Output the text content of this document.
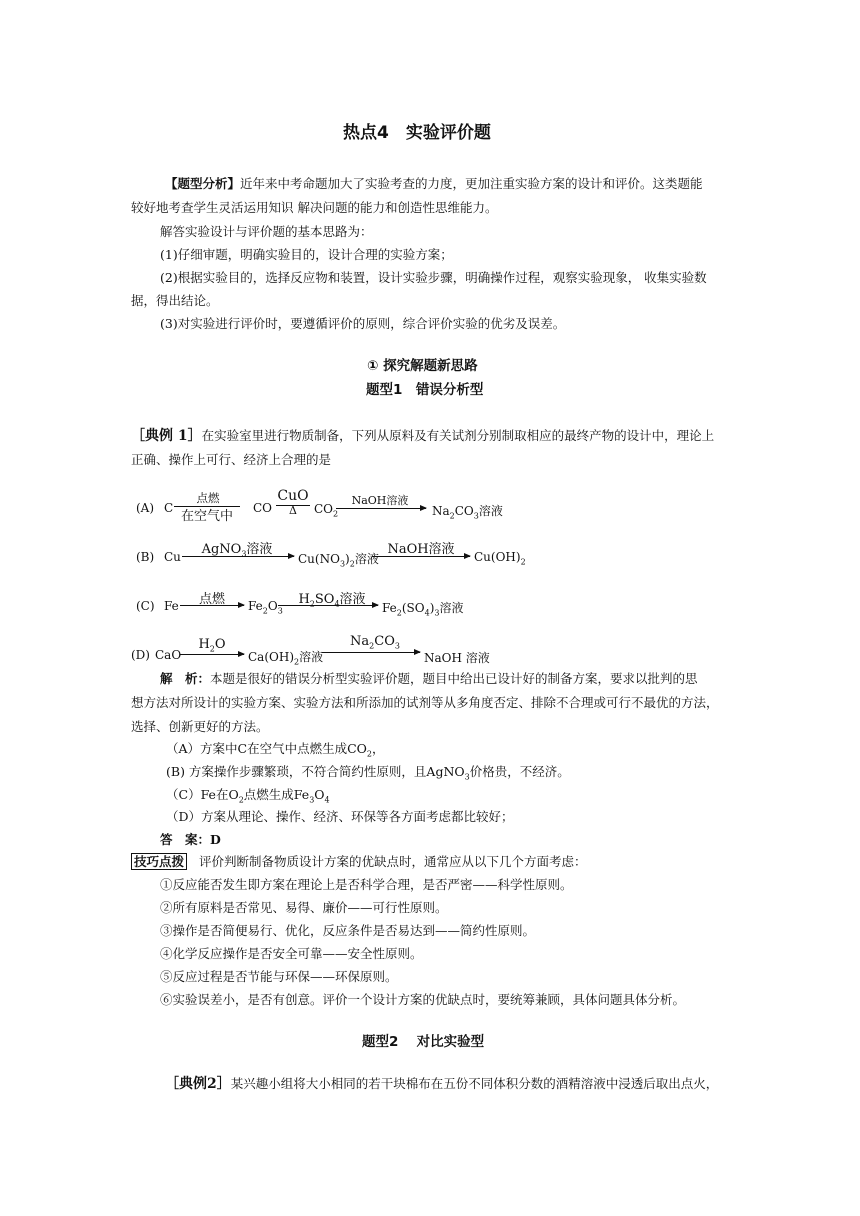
热点4　实验评价题
【题型分析】近年来中考命题加大了实验考查的力度，更加注重实验方案的设计和评价。这类题能
较好地考查学生灵活运用知识 解决问题的能力和创造性思维能力。
解答实验设计与评价题的基本思路为：
(1)仔细审题，明确实验目的，设计合理的实验方案；
(2)根据实验目的，选择反应物和装置，设计实验步骤，明确操作过程，观察实验现象， 收集实验数
据，得出结论。
(3)对实验进行评价时，要遵循评价的原则，综合评价实验的优劣及误差。
① 探究解题新思路
题型1　错误分析型
［典例 1］在实验室里进行物质制备，下列从原料及有关试剂分别制取相应的最终产物的设计中，理论上
正确、操作上可行、经济上合理的是
(A) C
点燃
在空气中
CO
CuO
Δ	$CO_2$
NaOH溶液
$Na_2CO_3$溶液
(B) Cu	AgNO$_3$溶液
$Cu(NO_3)_2$溶液
NaOH溶液	$Cu(OH)_2$
(C) Fe	点燃	$Fe_2O_3$
$H_2SO_4$溶液
$Fe_2(SO_4)_3$溶液
(D) CaO
$H_2O$
$Ca(OH)_2$溶液
$Na_2CO_3$
NaOH 溶液
解　析：本题是很好的错误分析型实验评价题，题目中给出已设计好的制备方案，要求以批判的思
想方法对所设计的实验方案、实验方法和所添加的试剂等从多角度否定、排除不合理或可行不最优的方法，
选择、创新更好的方法。
（A）方案中C在空气中点燃生成$CO_2$，
(B) 方案操作步骤繁琐，不符合简约性原则，且AgNO$_3$价格贵，不经济。
（C）Fe在$O_2$点燃生成$Fe_3O_4$
（D）方案从理论、操作、经济、环保等各方面考虑都比较好；
答　案：D
技巧点拨 评价判断制备物质设计方案的优缺点时，通常应从以下几个方面考虑：
①反应能否发生即方案在理论上是否科学合理，是否严密——科学性原则。
②所有原料是否常见、易得、廉价——可行性原则。
③操作是否简便易行、优化，反应条件是否易达到——简约性原则。
④化学反应操作是否安全可靠——安全性原则。
⑤反应过程是否节能与环保——环保原则。
⑥实验误差小，是否有创意。评价一个设计方案的优缺点时，要统筹兼顾，具体问题具体分析。
题型2　 对比实验型
［典例2］某兴趣小组将大小相同的若干块棉布在五份不同体积分数的酒精溶液中浸透后取出点火，
